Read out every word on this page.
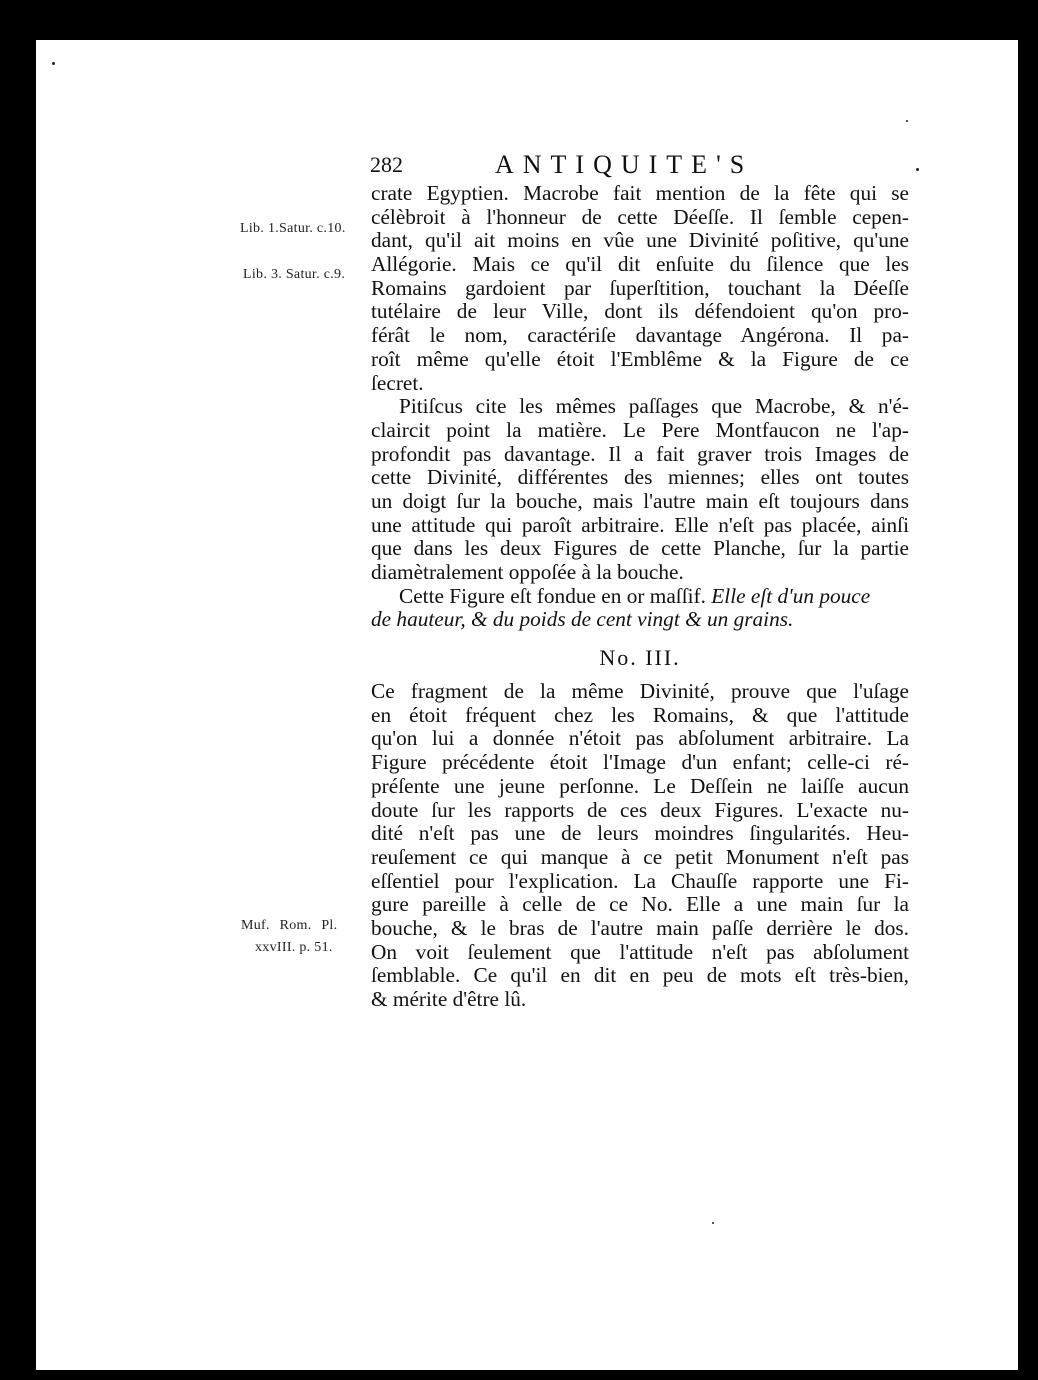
282	ANTIQUITE'S
Lib. 1.Satur. c.10.
Lib. 3. Satur. c.9.
Muf. Rom. Pl.
xxvIII. p. 51.
crate Egyptien. Macrobe fait mention de la fête qui se
célèbroit à l'honneur de cette Déeſſe. Il ſemble cepen-
dant, qu'il ait moins en vûe une Divinité poſitive, qu'une
Allégorie. Mais ce qu'il dit enſuite du ſilence que les
Romains gardoient par ſuperſtition, touchant la Déeſſe
tutélaire de leur Ville, dont ils défendoient qu'on pro-
férât le nom, caractériſe davantage Angérona. Il pa-
roît même qu'elle étoit l'Emblême & la Figure de ce
ſecret.
Pitiſcus cite les mêmes paſſages que Macrobe, & n'é-
claircit point la matière. Le Pere Montfaucon ne l'ap-
profondit pas davantage. Il a fait graver trois Images de
cette Divinité, différentes des miennes; elles ont toutes
un doigt ſur la bouche, mais l'autre main eſt toujours dans
une attitude qui paroît arbitraire. Elle n'eſt pas placée, ainſi
que dans les deux Figures de cette Planche, ſur la partie
diamètralement oppoſée à la bouche.
Cette Figure eſt fondue en or maſſif. Elle eſt d'un pouce
de hauteur, & du poids de cent vingt & un grains.
No. III.
Ce fragment de la même Divinité, prouve que l'uſage
en étoit fréquent chez les Romains, & que l'attitude
qu'on lui a donnée n'étoit pas abſolument arbitraire. La
Figure précédente étoit l'Image d'un enfant; celle-ci ré-
préſente une jeune perſonne. Le Deſſein ne laiſſe aucun
doute ſur les rapports de ces deux Figures. L'exacte nu-
dité n'eſt pas une de leurs moindres ſingularités. Heu-
reuſement ce qui manque à ce petit Monument n'eſt pas
eſſentiel pour l'explication. La Chauſſe rapporte une Fi-
gure pareille à celle de ce No. Elle a une main ſur la
bouche, & le bras de l'autre main paſſe derrière le dos.
On voit ſeulement que l'attitude n'eſt pas abſolument
ſemblable. Ce qu'il en dit en peu de mots eſt très-bien,
& mérite d'être lû.
